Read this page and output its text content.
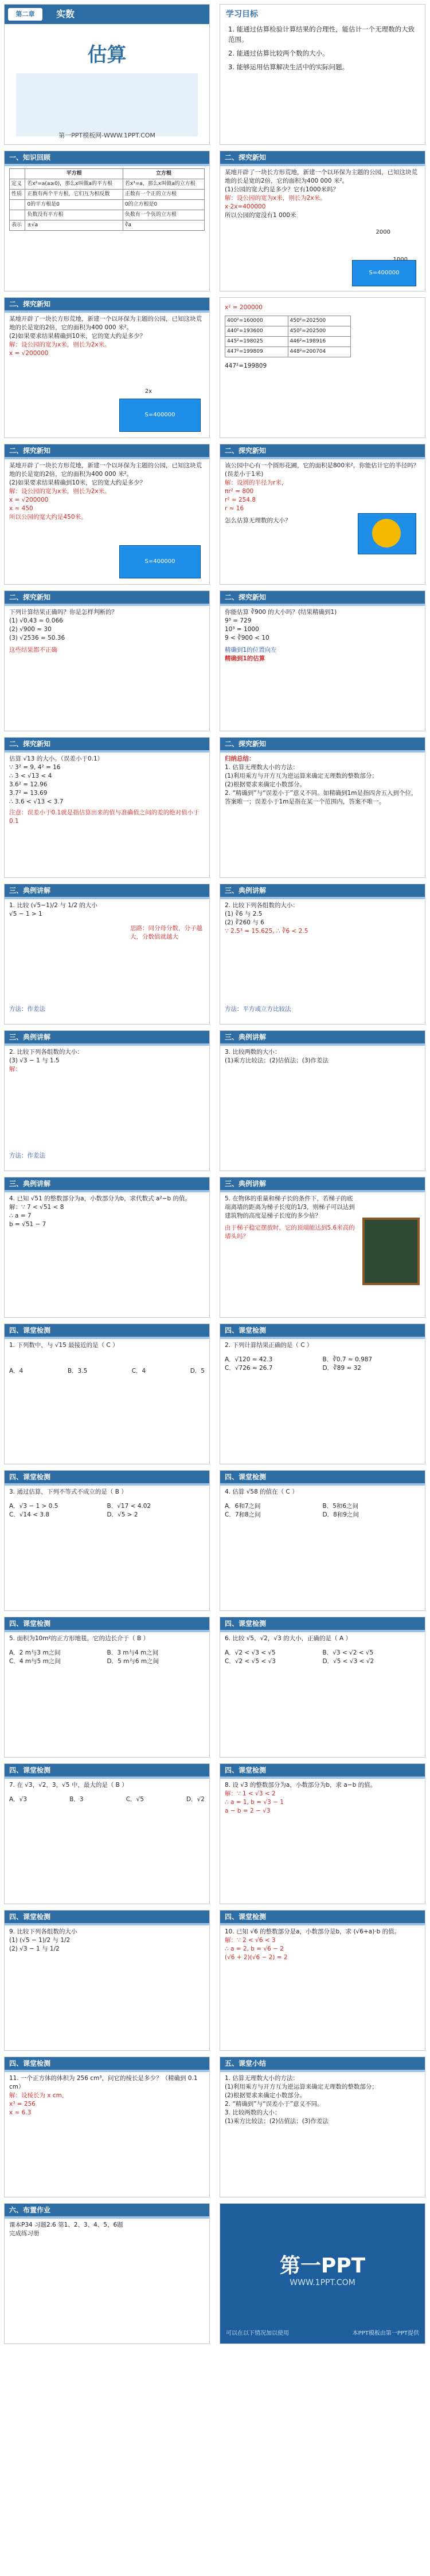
第二章	实数
估算
第一PPT模板网-WWW.1PPT.COM
学习目标
1. 能通过估算检验计算结果的合理性，能估计一个无理数的大致范围。
2. 能通过估算比较两个数的大小。
3. 能够运用估算解决生活中的实际问题。
一、知识回顾
	平方根	立方根
定义	若x²=a(a≥0)，那么x叫做a的平方根	若x³=a，那么x叫做a的立方根
性质	正数有两个平方根，它们互为相反数	正数有一个正的立方根
	0的平方根是0	0的立方根是0
	负数没有平方根	负数有一个负的立方根
表示	±√a	∛a
二、探究新知
某地开辟了一块长方形荒地，新建一个以环保为主题的公园，已知这块荒地的长是宽的2倍，它的面积为400 000 米²。
(1)公园的宽大约是多少？它有1000米吗？
解：设公园的宽为x米，则长为2x米。
x·2x=400000
所以公园的宽没有1 000米
2000
S=400000
二、探究新知
某地开辟了一块长方形荒地，新建一个以环保为主题的公园，已知这块荒地的长是宽的2倍，它的面积为400 000 米²。
(2)如果要求结果精确到10米，它的宽大约是多少？
解：设公园的宽为x米，则长为2x米。
x = √200000
2x
S=400000
x² = 200000
400²=160000	450²=202500
440²=193600	450²=202500
445²=198025	446²=198916
447²=199809	448²=200704
447²=199809
二、探究新知
某地开辟了一块长方形荒地，新建一个以环保为主题的公园，已知这块荒地的长是宽的2倍，它的面积为400 000 米²。
(2)如果要求结果精确到10米，它的宽大约是多少？
解：设公园的宽为x米，则长为2x米。
x = √200000
x ≈ 450
所以公园的宽大约是450米。
S=400000
二、探究新知
该公园中心有一个圆形花圃，它的面积是800米²，你能估计它的半径吗？
(误差小于1米)
解：设圆的半径为r米，
πr² = 800
r² ≈ 254.8
r ≈ 16
怎么估算无理数的大小？
二、探究新知
下列计算结果正确吗？你是怎样判断的？
(1) √0.43 ≈ 0.066
(2) √900 ≈ 30
(3) √2536 ≈ 50.36
这些结果都不正确
二、探究新知
你能估算 ∛900 的大小吗？(结果精确到1)
9³ = 729
10³ = 1000
9 < ∛900 < 10
精确到1的位置向左
精确到1的估算
二、探究新知
估算 √13 的大小。（误差小于0.1）
∵ 3² = 9, 4² = 16
∴ 3 < √13 < 4
3.6² = 12.96
3.7² = 13.69
∴ 3.6 < √13 < 3.7
注意：误差小于0.1就是指估算出来的值与准确值之间的差的绝对值小于0.1
二、探究新知
归纳总结：
1. 估算无理数大小的方法：
(1)利用乘方与开方互为逆运算来确定无理数的整数部分；
(2)根据要求来确定小数部分。
2. “精确到”与“误差小于”意义不同。如精确到1m是指四舍五入到个位，答案唯一；误差小于1m是指在某一个范围内，答案不唯一。
三、典例讲解
1. 比较 (√5−1)/2 与 1/2 的大小
√5 − 1 > 1
思路：同分母分数，分子越大，分数值就越大
方法：作差法
三、典例讲解
2. 比较下列各组数的大小：
(1) ∛6 与 2.5
(2) ∛260 与 6
∵ 2.5³ = 15.625, ∴ ∛6 < 2.5
方法：平方或立方比较法
三、典例讲解
2. 比较下列各组数的大小：
(3) √3 − 1 与 1.5
解：
方法：作差法
三、典例讲解
3. 比较两数的大小：
(1)乘方比较法；(2)估值法；(3)作差法
三、典例讲解
4. 已知 √51 的整数部分为a，小数部分为b，求代数式 a²−b 的值。
解：∵ 7 < √51 < 8
∴ a = 7
b = √51 − 7
三、典例讲解
5. 在物体的重量和梯子长的条件下，若梯子的底端离墙的距离为梯子长度的1/3，则梯子可以达到建筑物的高度是梯子长度的多少倍？
由于梯子稳定摆放时，它的顶端能达到5.6米高的墙头吗？
四、课堂检测
1. 下列数中，与 √15 最接近的是（ C ）
A．4	B．3.5	C．4	D．5
四、课堂检测
2. 下列计算结果正确的是（ C ）
A．√120 ≈ 42.3	B．∛0.7 ≈ 0.987
C．√726 ≈ 26.7	D．∛89 ≈ 32
四、课堂检测
3. 通过估算，下列不等式不成立的是（ B ）
A．√3 − 1 > 0.5	B．√17 < 4.02
C．√14 < 3.8	D．√5 > 2
四、课堂检测
4. 估算 √58 的值在（ C ）
A．6和7之间	B．5和6之间
C．7和8之间	D．8和9之间
四、课堂检测
5. 面积为10m²的正方形地毯，它的边长介于（ B ）
A．2 m与3 m之间	B．3 m与4 m之间
C．4 m与5 m之间	D．5 m与6 m之间
四、课堂检测
6. 比较 √5，√2，√3 的大小，正确的是（ A ）
A．√2 < √3 < √5	B．√3 < √2 < √5
C．√2 < √5 < √3	D．√5 < √3 < √2
四、课堂检测
7. 在 √3，√2，3，√5 中，最大的是（ B ）
A．√3	B．3	C．√5	D．√2
四、课堂检测
8. 设 √3 的整数部分为a，小数部分为b，求 a−b 的值。
解：∵ 1 < √3 < 2
∴ a = 1, b = √3 − 1
a − b = 2 − √3
四、课堂检测
9. 比较下列各组数的大小
(1) (√5 − 1)/2 与 1/2
(2) √3 − 1 与 1/2
四、课堂检测
10. 已知 √6 的整数部分是a，小数部分是b，求 (√6+a)·b 的值。
解：∵ 2 < √6 < 3
∴ a = 2, b = √6 − 2
(√6 + 2)(√6 − 2) = 2
四、课堂检测
11. 一个正方体的体积为 256 cm³，问它的棱长是多少？（精确到 0.1 cm）
解：设棱长为 x cm，
x³ = 256
x ≈ 6.3
五、课堂小结
1. 估算无理数大小的方法：
(1)利用乘方与开方互为逆运算来确定无理数的整数部分；
(2)根据要求来确定小数部分。
2. “精确到”与“误差小于”意义不同。
3. 比较两数的大小：
(1)乘方比较法；(2)估值法；(3)作差法
六、布置作业
课本P34 习题2.6 第1、2、3、4、5、6题
完成练习册
第一PPT
WWW.1PPT.COM
可以在以下情况加以使用	本PPT模板由第一PPT提供
